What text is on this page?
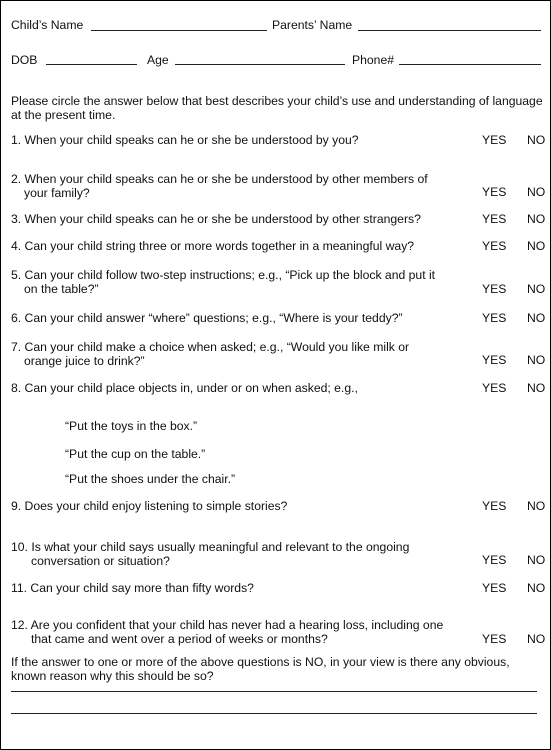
Child’s Name	Parents’ Name
DOB	Age	Phone#
Please circle the answer below that best describes your child’s use and understanding of language at the present time.
1. When your child speaks can he or she be understood by you?	YES NO
2. When your child speaks can he or she be understood by other members of
your family?	YES NO
3. When your child speaks can he or she be understood by other strangers?	YES NO
4. Can your child string three or more words together in a meaningful way?	YES NO
5. Can your child follow two-step instructions; e.g., “Pick up the block and put it
on the table?”	YES NO
6. Can your child answer “where” questions; e.g., “Where is your teddy?”	YES NO
7. Can your child make a choice when asked; e.g., “Would you like milk or
orange juice to drink?”	YES NO
8. Can your child place objects in, under or on when asked; e.g.,	YES NO
“Put the toys in the box.”
“Put the cup on the table.”
“Put the shoes under the chair.”
9. Does your child enjoy listening to simple stories?	YES NO
10. Is what your child says usually meaningful and relevant to the ongoing
conversation or situation?	YES NO
11. Can your child say more than fifty words?	YES NO
12. Are you confident that your child has never had a hearing loss, including one
that came and went over a period of weeks or months?	YES NO
If the answer to one or more of the above questions is NO, in your view is there any obvious, known reason why this should be so?
